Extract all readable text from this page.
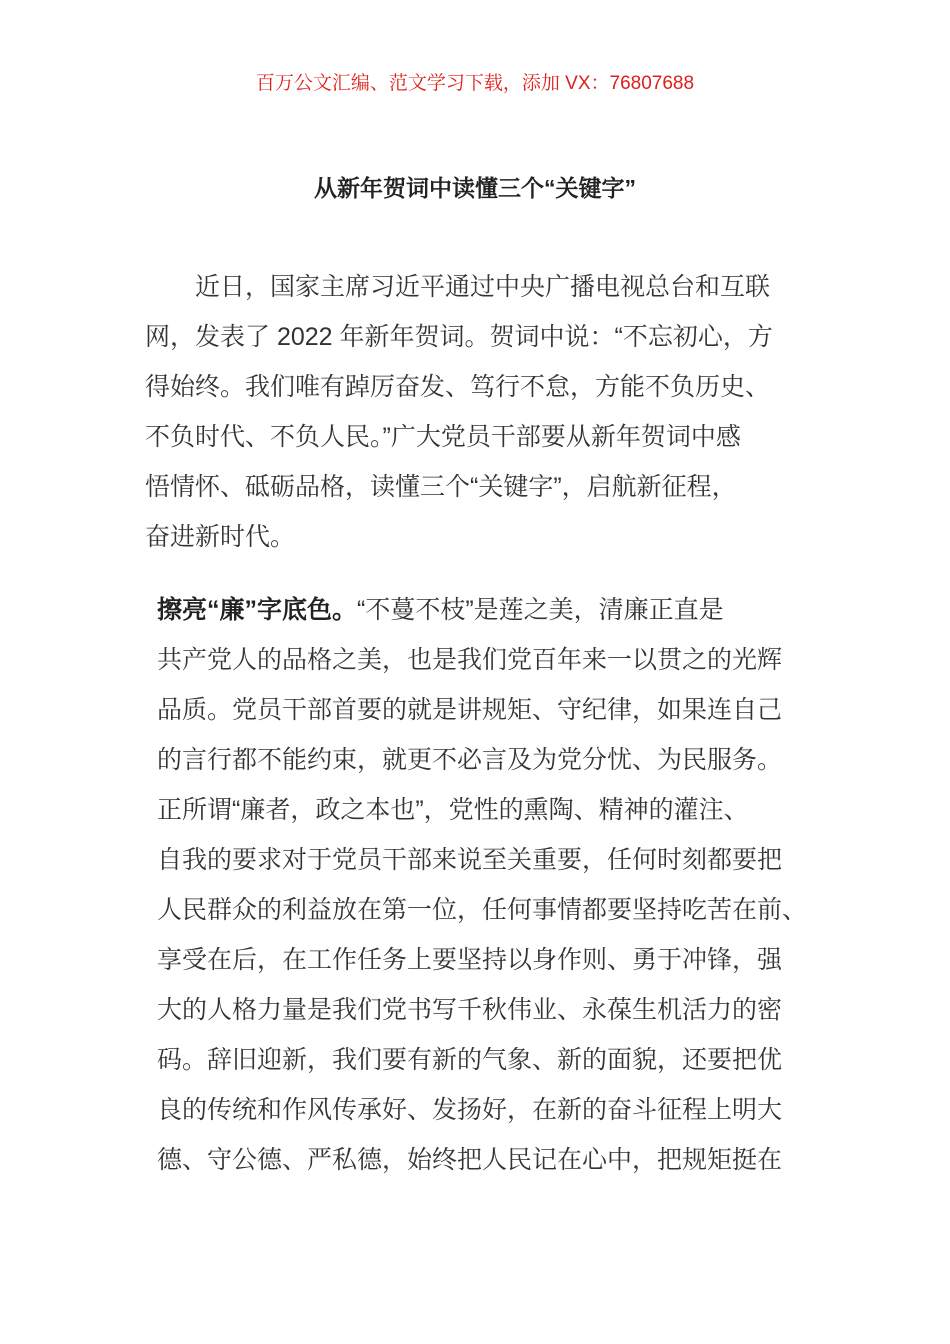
百万公文汇编、范文学习下载，添加 VX：76807688
从新年贺词中读懂三个“关键字”
近日，国家主席习近平通过中央广播电视总台和互联
网，发表了 2022 年新年贺词。贺词中说：“不忘初心，方
得始终。我们唯有踔厉奋发、笃行不怠，方能不负历史、
不负时代、不负人民。”广大党员干部要从新年贺词中感
悟情怀、砥砺品格，读懂三个“关键字”，启航新征程，
奋进新时代。
擦亮“廉”字底色。“不蔓不枝”是莲之美，清廉正直是
共产党人的品格之美，也是我们党百年来一以贯之的光辉
品质。党员干部首要的就是讲规矩、守纪律，如果连自己
的言行都不能约束，就更不必言及为党分忧、为民服务。
正所谓“廉者，政之本也”，党性的熏陶、精神的灌注、
自我的要求对于党员干部来说至关重要，任何时刻都要把
人民群众的利益放在第一位，任何事情都要坚持吃苦在前、
享受在后，在工作任务上要坚持以身作则、勇于冲锋，强
大的人格力量是我们党书写千秋伟业、永葆生机活力的密
码。辞旧迎新，我们要有新的气象、新的面貌，还要把优
良的传统和作风传承好、发扬好，在新的奋斗征程上明大
德、守公德、严私德，始终把人民记在心中，把规矩挺在
